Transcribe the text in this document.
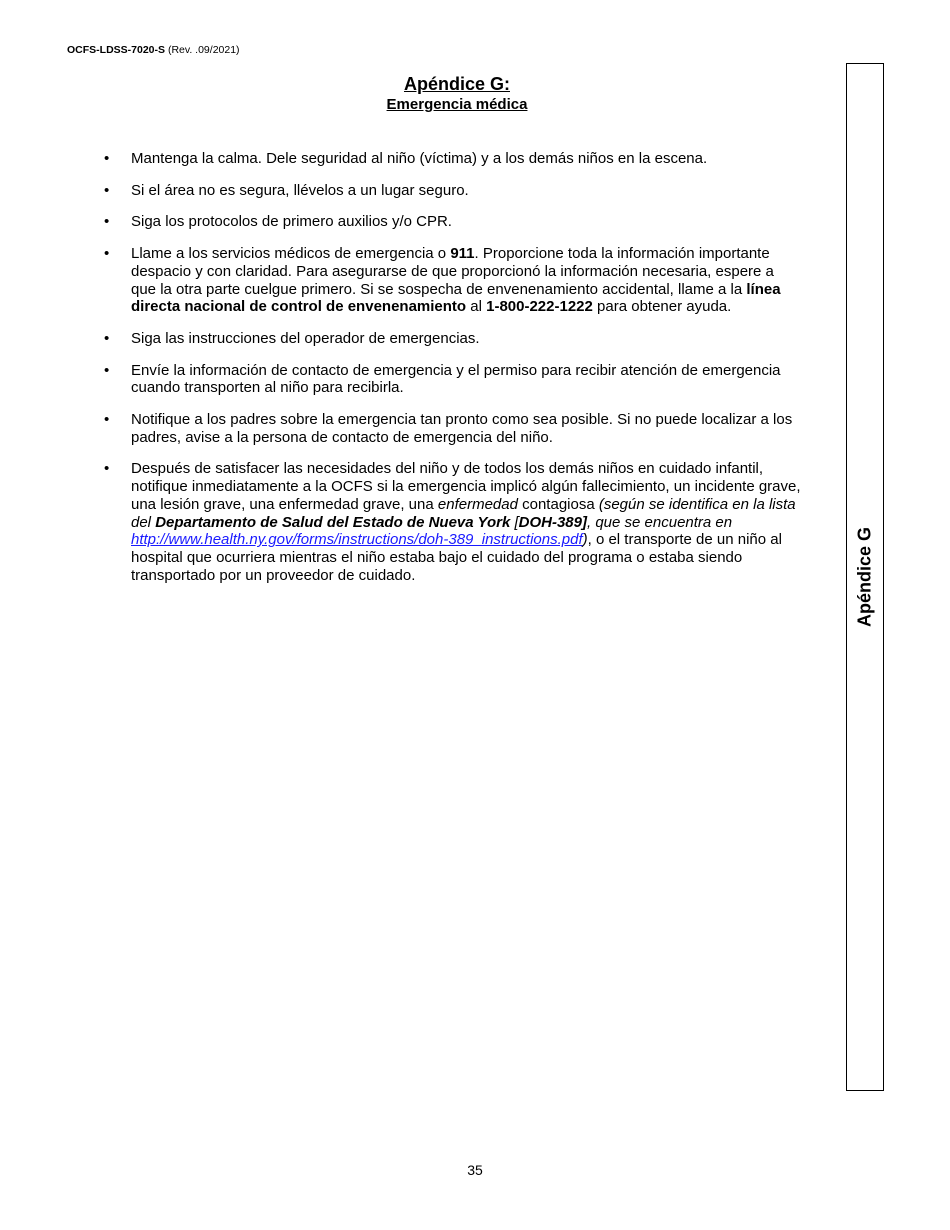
OCFS-LDSS-7020-S (Rev. .09/2021)
Apéndice G:
Emergencia médica
• Mantenga la calma. Dele seguridad al niño (víctima) y a los demás niños en la escena.
• Si el área no es segura, llévelos a un lugar seguro.
• Siga los protocolos de primero auxilios y/o CPR.
• Llame a los servicios médicos de emergencia o 911. Proporcione toda la información importante despacio y con claridad. Para asegurarse de que proporcionó la información necesaria, espere a que la otra parte cuelgue primero. Si se sospecha de envenenamiento accidental, llame a la línea directa nacional de control de envenenamiento al 1-800-222-1222 para obtener ayuda.
• Siga las instrucciones del operador de emergencias.
• Envíe la información de contacto de emergencia y el permiso para recibir atención de emergencia cuando transporten al niño para recibirla.
• Notifique a los padres sobre la emergencia tan pronto como sea posible. Si no puede localizar a los padres, avise a la persona de contacto de emergencia del niño.
• Después de satisfacer las necesidades del niño y de todos los demás niños en cuidado infantil, notifique inmediatamente a la OCFS si la emergencia implicó algún fallecimiento, un incidente grave, una lesión grave, una enfermedad grave, una enfermedad contagiosa (según se identifica en la lista del Departamento de Salud del Estado de Nueva York [DOH-389], que se encuentra en http://www.health.ny.gov/forms/instructions/doh-389_instructions.pdf), o el transporte de un niño al hospital que ocurriera mientras el niño estaba bajo el cuidado del programa o estaba siendo transportado por un proveedor de cuidado.	Apéndice G
35
